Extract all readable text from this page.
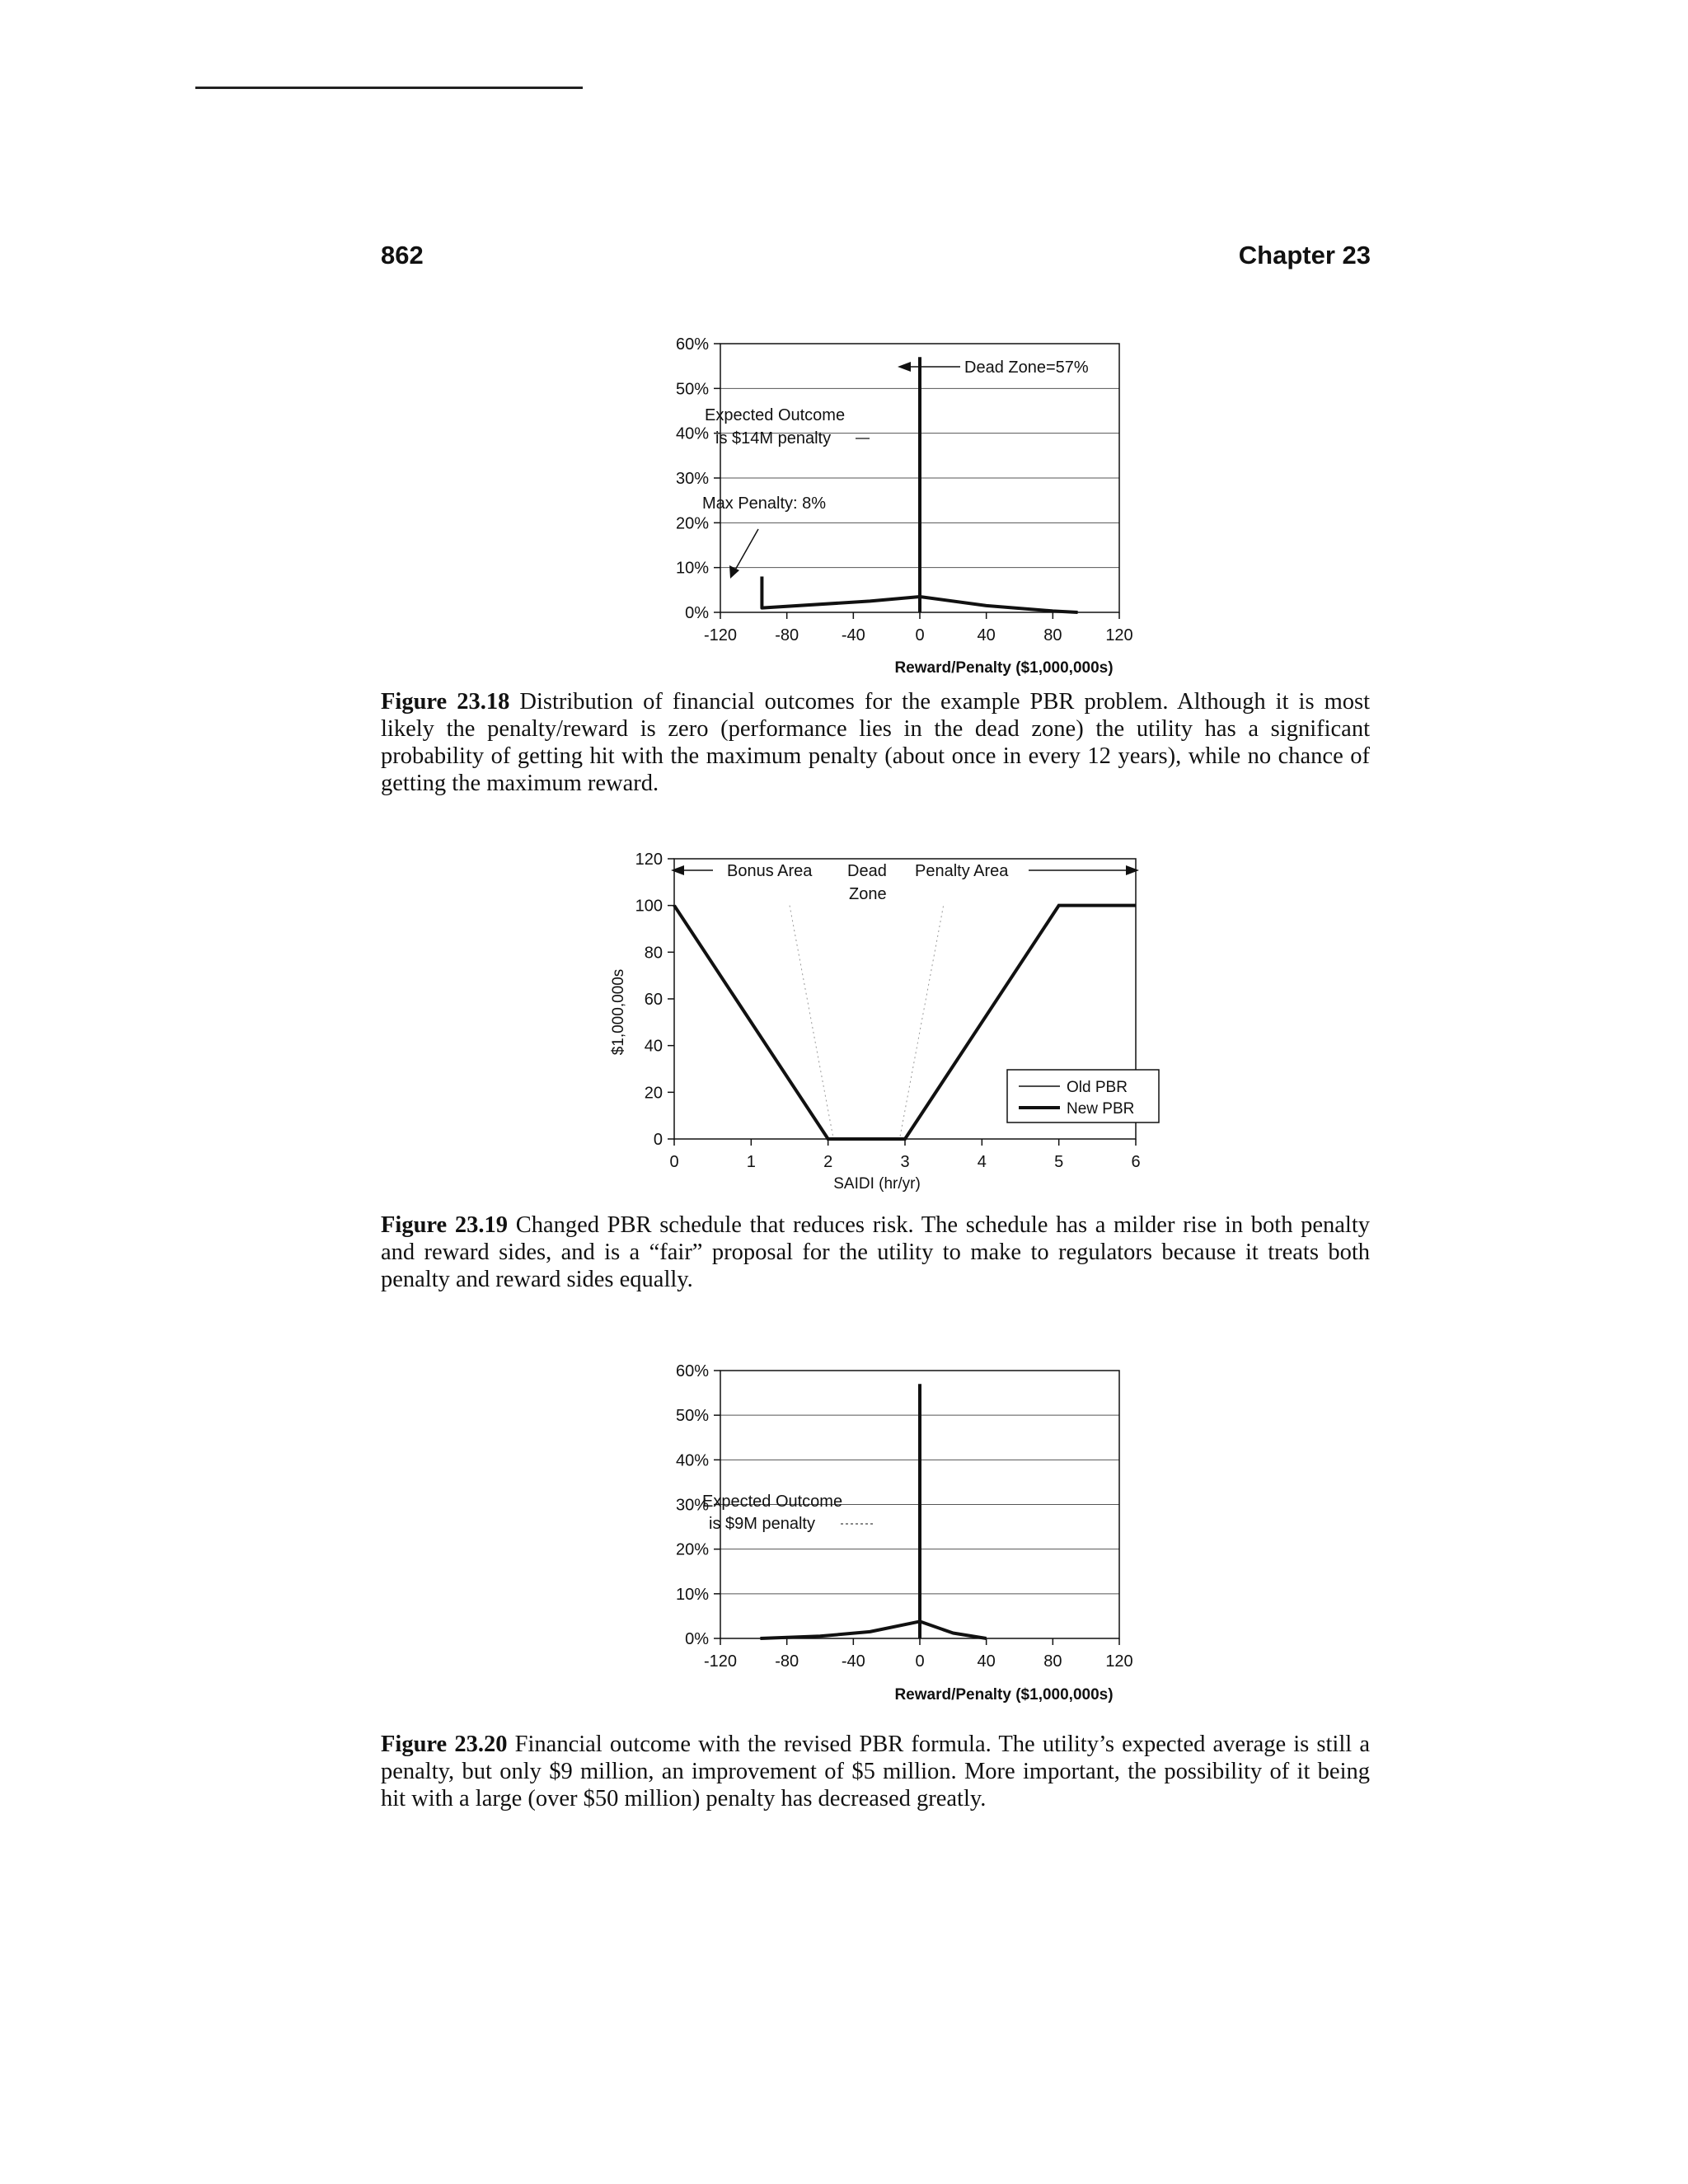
862	Chapter 23
0%
10%
20%
30%
40%
50%
60%
-120 -80	-40	0	40	80	120
Reward/Penalty ($1,000,000s)
Dead Zone=57%
Expected Outcome
is $14M penalty
Max Penalty: 8%

Figure 23.18 Distribution of financial outcomes for the example PBR problem. Although it is most likely the penalty/reward is zero (performance lies in the dead zone) the utility has a significant probability of getting hit with the maximum penalty (about once in every 12 years), while no chance of getting the maximum reward.

0
20
40
60
80
100
120
0	1	2	3	4	5	6
SAIDI (hr/yr)
$1,000,000s
Bonus Area Dead
Zone
Penalty Area
Old PBR
New PBR

Figure 23.19 Changed PBR schedule that reduces risk. The schedule has a milder rise in both penalty and reward sides, and is a “fair” proposal for the utility to make to regulators because it treats both penalty and reward sides equally.

0%
10%
20%
30%
40%
50%
60%
-120 -80	-40	0	40	80	120
Reward/Penalty ($1,000,000s)
Expected Outcome
is $9M penalty

Figure 23.20 Financial outcome with the revised PBR formula. The utility’s expected average is still a penalty, but only $9 million, an improvement of $5 million. More important, the possibility of it being hit with a large (over $50 million) penalty has decreased greatly.
